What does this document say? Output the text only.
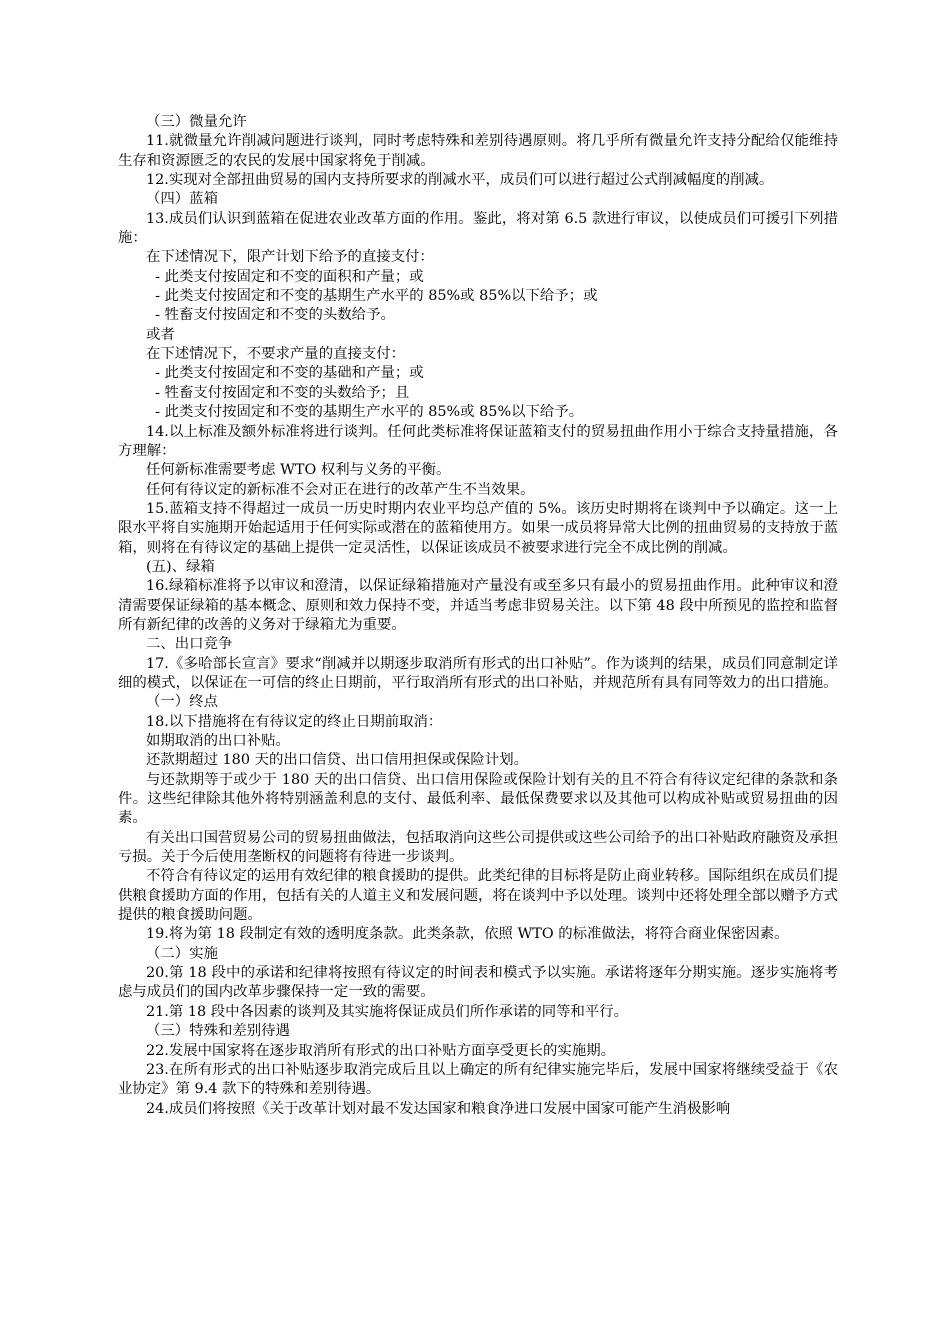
（三）微量允许

11.就微量允许削减问题进行谈判，同时考虑特殊和差别待遇原则。将几乎所有微量允许支持分配给仅能维持生存和资源匮乏的农民的发展中国家将免于削减。

12.实现对全部扭曲贸易的国内支持所要求的削减水平，成员们可以进行超过公式削减幅度的削减。

（四）蓝箱

13.成员们认识到蓝箱在促进农业改革方面的作用。鉴此，将对第 6.5 款进行审议，以使成员们可援引下列措施：

在下述情况下，限产计划下给予的直接支付：

- 此类支付按固定和不变的面积和产量；或

- 此类支付按固定和不变的基期生产水平的 85%或 85%以下给予；或

- 牲畜支付按固定和不变的头数给予。

或者

在下述情况下，不要求产量的直接支付：

- 此类支付按固定和不变的基础和产量；或

- 牲畜支付按固定和不变的头数给予；且

- 此类支付按固定和不变的基期生产水平的 85%或 85%以下给予。

14.以上标准及额外标准将进行谈判。任何此类标准将保证蓝箱支付的贸易扭曲作用小于综合支持量措施，各方理解：

任何新标准需要考虑 WTO 权利与义务的平衡。

任何有待议定的新标准不会对正在进行的改革产生不当效果。

15.蓝箱支持不得超过一成员一历史时期内农业平均总产值的 5%。该历史时期将在谈判中予以确定。这一上限水平将自实施期开始起适用于任何实际或潜在的蓝箱使用方。如果一成员将异常大比例的扭曲贸易的支持放于蓝箱，则将在有待议定的基础上提供一定灵活性，以保证该成员不被要求进行完全不成比例的削减。

(五)、绿箱

16.绿箱标准将予以审议和澄清，以保证绿箱措施对产量没有或至多只有最小的贸易扭曲作用。此种审议和澄清需要保证绿箱的基本概念、原则和效力保持不变，并适当考虑非贸易关注。以下第 48 段中所预见的监控和监督所有新纪律的改善的义务对于绿箱尤为重要。

二、出口竞争

17.《多哈部长宣言》要求“削减并以期逐步取消所有形式的出口补贴”。作为谈判的结果，成员们同意制定详细的模式，以保证在一可信的终止日期前，平行取消所有形式的出口补贴，并规范所有具有同等效力的出口措施。

（一）终点

18.以下措施将在有待议定的终止日期前取消：

如期取消的出口补贴。

还款期超过 180 天的出口信贷、出口信用担保或保险计划。

与还款期等于或少于 180 天的出口信贷、出口信用保险或保险计划有关的且不符合有待议定纪律的条款和条件。这些纪律除其他外将特别涵盖利息的支付、最低利率、最低保费要求以及其他可以构成补贴或贸易扭曲的因素。

有关出口国营贸易公司的贸易扭曲做法，包括取消向这些公司提供或这些公司给予的出口补贴政府融资及承担亏损。关于今后使用垄断权的问题将有待进一步谈判。

不符合有待议定的运用有效纪律的粮食援助的提供。此类纪律的目标将是防止商业转移。国际组织在成员们提供粮食援助方面的作用，包括有关的人道主义和发展问题，将在谈判中予以处理。谈判中还将处理全部以赠予方式提供的粮食援助问题。

19.将为第 18 段制定有效的透明度条款。此类条款，依照 WTO 的标准做法，将符合商业保密因素。

（二）实施

20.第 18 段中的承诺和纪律将按照有待议定的时间表和模式予以实施。承诺将逐年分期实施。逐步实施将考虑与成员们的国内改革步骤保持一定一致的需要。

21.第 18 段中各因素的谈判及其实施将保证成员们所作承诺的同等和平行。

（三）特殊和差别待遇

22.发展中国家将在逐步取消所有形式的出口补贴方面享受更长的实施期。

23.在所有形式的出口补贴逐步取消完成后且以上确定的所有纪律实施完毕后，发展中国家将继续受益于《农业协定》第 9.4 款下的特殊和差别待遇。

24.成员们将按照《关于改革计划对最不发达国家和粮食净进口发展中国家可能产生消极影响
